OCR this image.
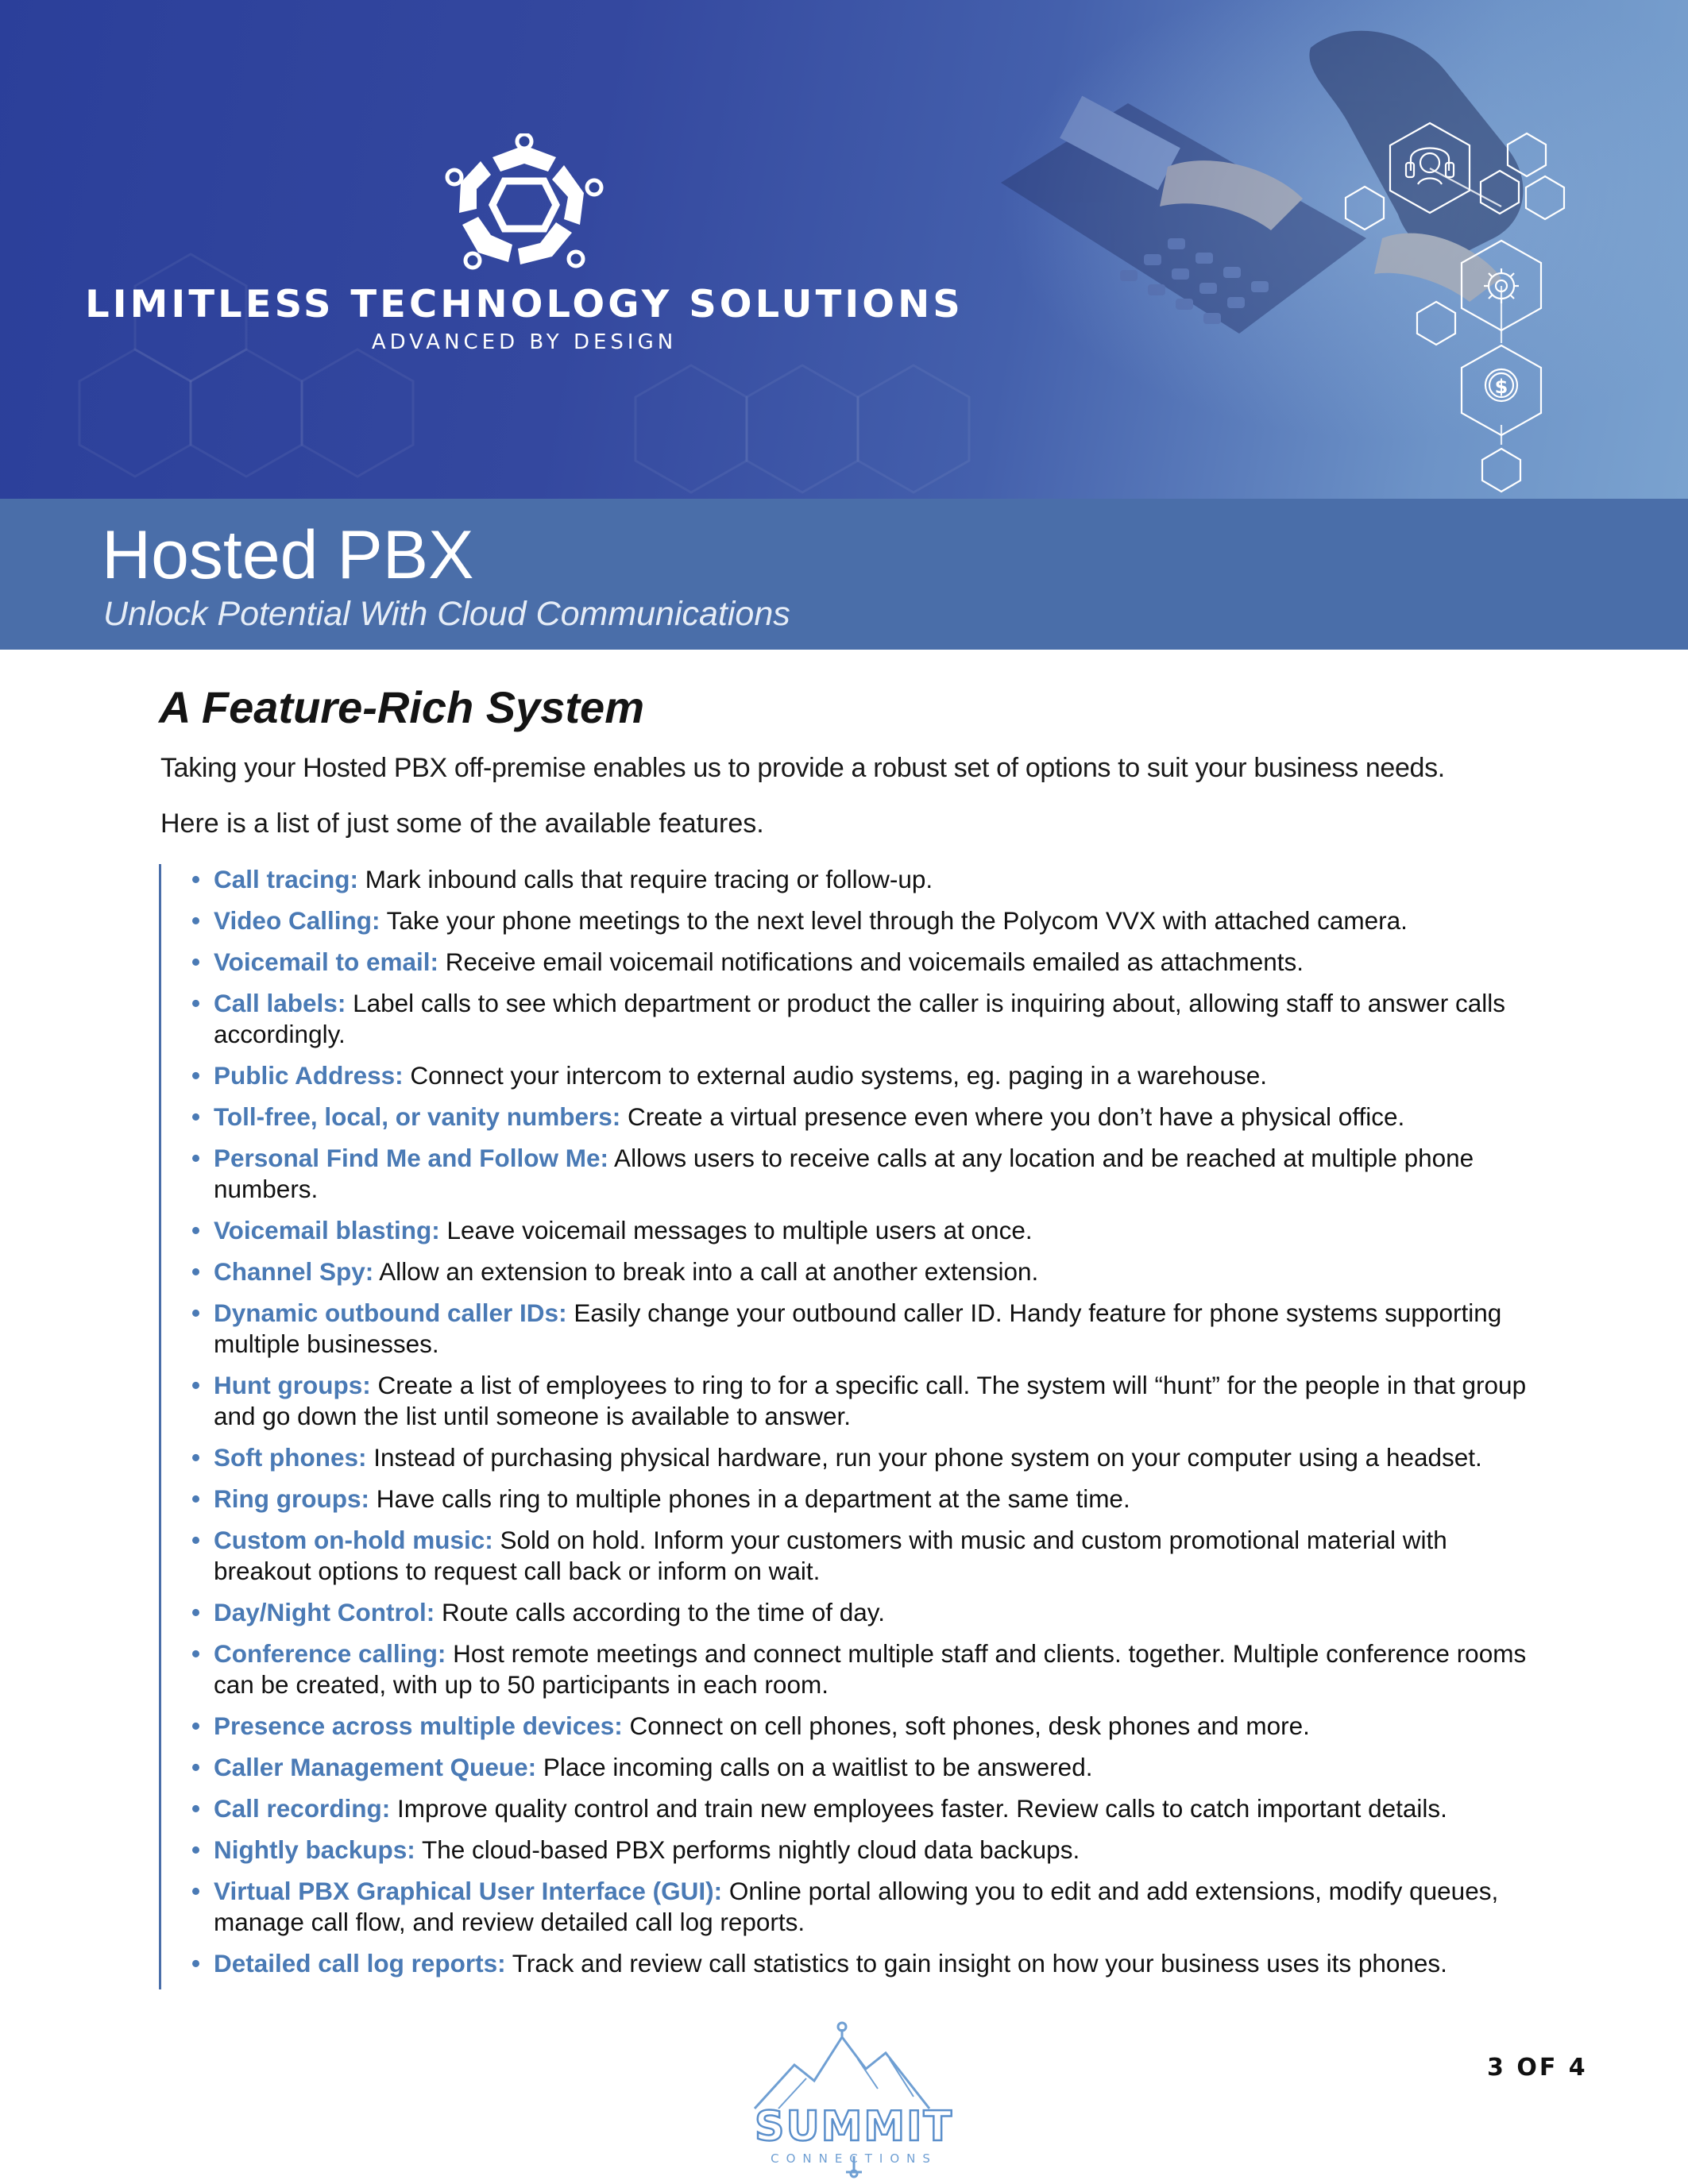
$
LIMITLESS TECHNOLOGY SOLUTIONS
ADVANCED BY DESIGN
Hosted PBX
Unlock Potential With Cloud Communications
A Feature-Rich System

Taking your Hosted PBX off-premise enables us to provide a robust set of options to suit your business needs.

Here is a list of just some of the available features.

• Call tracing: Mark inbound calls that require tracing or follow-up.
• Video Calling: Take your phone meetings to the next level through the Polycom VVX with attached camera.
• Voicemail to email: Receive email voicemail notifications and voicemails emailed as attachments.
• Call labels: Label calls to see which department or product the caller is inquiring about, allowing staff to answer calls accordingly.
• Public Address: Connect your intercom to external audio systems, eg. paging in a warehouse.
• Toll-free, local, or vanity numbers: Create a virtual presence even where you don’t have a physical office.
• Personal Find Me and Follow Me: Allows users to receive calls at any location and be reached at multiple phone numbers.
• Voicemail blasting: Leave voicemail messages to multiple users at once.
• Channel Spy: Allow an extension to break into a call at another extension.
• Dynamic outbound caller IDs: Easily change your outbound caller ID. Handy feature for phone systems supporting multiple businesses.
• Hunt groups: Create a list of employees to ring to for a specific call. The system will “hunt” for the people in that group and go down the list until someone is available to answer.
• Soft phones: Instead of purchasing physical hardware, run your phone system on your computer using a headset.
• Ring groups: Have calls ring to multiple phones in a department at the same time.
• Custom on-hold music: Sold on hold. Inform your customers with music and custom promotional material with breakout options to request call back or inform on wait.
• Day/Night Control: Route calls according to the time of day.
• Conference calling: Host remote meetings and connect multiple staff and clients. together. Multiple conference rooms can be created, with up to 50 participants in each room.
• Presence across multiple devices: Connect on cell phones, soft phones, desk phones and more.
• Caller Management Queue: Place incoming calls on a waitlist to be answered.
• Call recording: Improve quality control and train new employees faster. Review calls to catch important details.
• Nightly backups: The cloud-based PBX performs nightly cloud data backups.
• Virtual PBX Graphical User Interface (GUI): Online portal allowing you to edit and add extensions, modify queues, manage call flow, and review detailed call log reports.
• Detailed call log reports: Track and review call statistics to gain insight on how your business uses its phones.
SUMMIT
CONNECTIONS
3 OF 4
